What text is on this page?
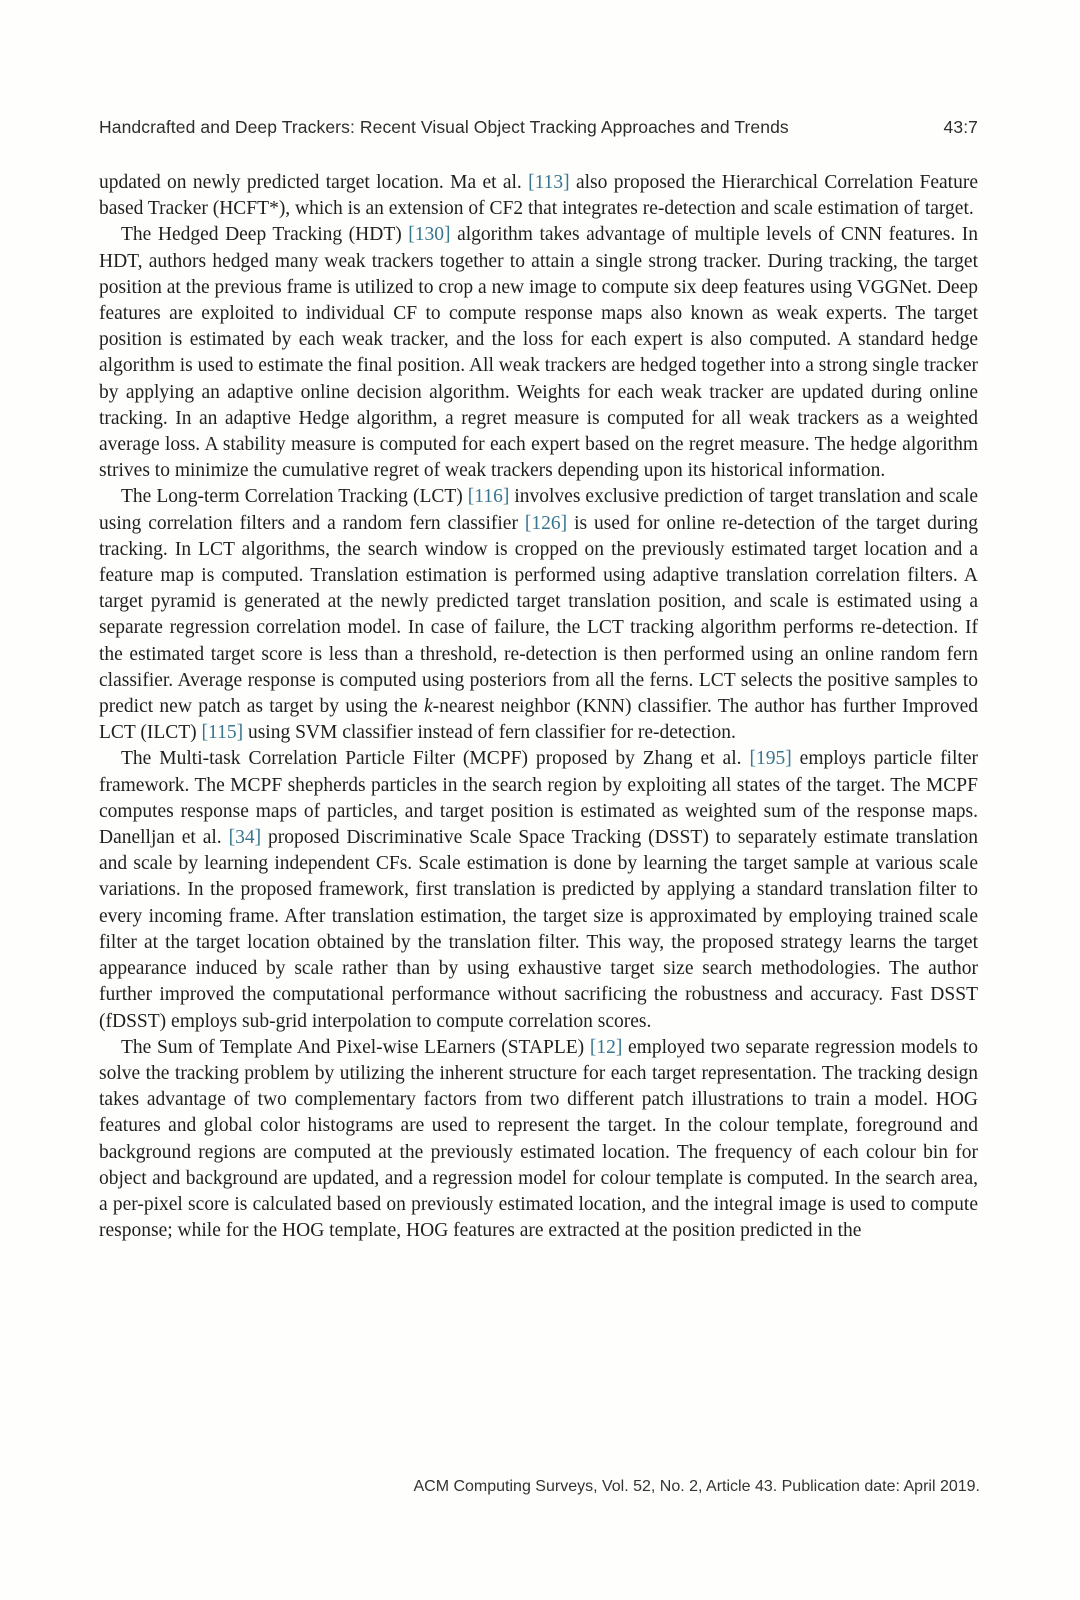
Handcrafted and Deep Trackers: Recent Visual Object Tracking Approaches and Trends	43:7

updated on newly predicted target location. Ma et al. [113] also proposed the Hierarchical Correlation Feature based Tracker (HCFT*), which is an extension of CF2 that integrates re-detection and scale estimation of target.

The Hedged Deep Tracking (HDT) [130] algorithm takes advantage of multiple levels of CNN features. In HDT, authors hedged many weak trackers together to attain a single strong tracker. During tracking, the target position at the previous frame is utilized to crop a new image to compute six deep features using VGGNet. Deep features are exploited to individual CF to compute response maps also known as weak experts. The target position is estimated by each weak tracker, and the loss for each expert is also computed. A standard hedge algorithm is used to estimate the final position. All weak trackers are hedged together into a strong single tracker by applying an adaptive online decision algorithm. Weights for each weak tracker are updated during online tracking. In an adaptive Hedge algorithm, a regret measure is computed for all weak trackers as a weighted average loss. A stability measure is computed for each expert based on the regret measure. The hedge algorithm strives to minimize the cumulative regret of weak trackers depending upon its historical information.

The Long-term Correlation Tracking (LCT) [116] involves exclusive prediction of target translation and scale using correlation filters and a random fern classifier [126] is used for online re-detection of the target during tracking. In LCT algorithms, the search window is cropped on the previously estimated target location and a feature map is computed. Translation estimation is performed using adaptive translation correlation filters. A target pyramid is generated at the newly predicted target translation position, and scale is estimated using a separate regression correlation model. In case of failure, the LCT tracking algorithm performs re-detection. If the estimated target score is less than a threshold, re-detection is then performed using an online random fern classifier. Average response is computed using posteriors from all the ferns. LCT selects the positive samples to predict new patch as target by using the k-nearest neighbor (KNN) classifier. The author has further Improved LCT (ILCT) [115] using SVM classifier instead of fern classifier for re-detection.

The Multi-task Correlation Particle Filter (MCPF) proposed by Zhang et al. [195] employs particle filter framework. The MCPF shepherds particles in the search region by exploiting all states of the target. The MCPF computes response maps of particles, and target position is estimated as weighted sum of the response maps. Danelljan et al. [34] proposed Discriminative Scale Space Tracking (DSST) to separately estimate translation and scale by learning independent CFs. Scale estimation is done by learning the target sample at various scale variations. In the proposed framework, first translation is predicted by applying a standard translation filter to every incoming frame. After translation estimation, the target size is approximated by employing trained scale filter at the target location obtained by the translation filter. This way, the proposed strategy learns the target appearance induced by scale rather than by using exhaustive target size search methodologies. The author further improved the computational performance without sacrificing the robustness and accuracy. Fast DSST (fDSST) employs sub-grid interpolation to compute correlation scores.

The Sum of Template And Pixel-wise LEarners (STAPLE) [12] employed two separate regression models to solve the tracking problem by utilizing the inherent structure for each target representation. The tracking design takes advantage of two complementary factors from two different patch illustrations to train a model. HOG features and global color histograms are used to represent the target. In the colour template, foreground and background regions are computed at the previously estimated location. The frequency of each colour bin for object and background are updated, and a regression model for colour template is computed. In the search area, a per-pixel score is calculated based on previously estimated location, and the integral image is used to compute response; while for the HOG template, HOG features are extracted at the position predicted in the

ACM Computing Surveys, Vol. 52, No. 2, Article 43. Publication date: April 2019.
